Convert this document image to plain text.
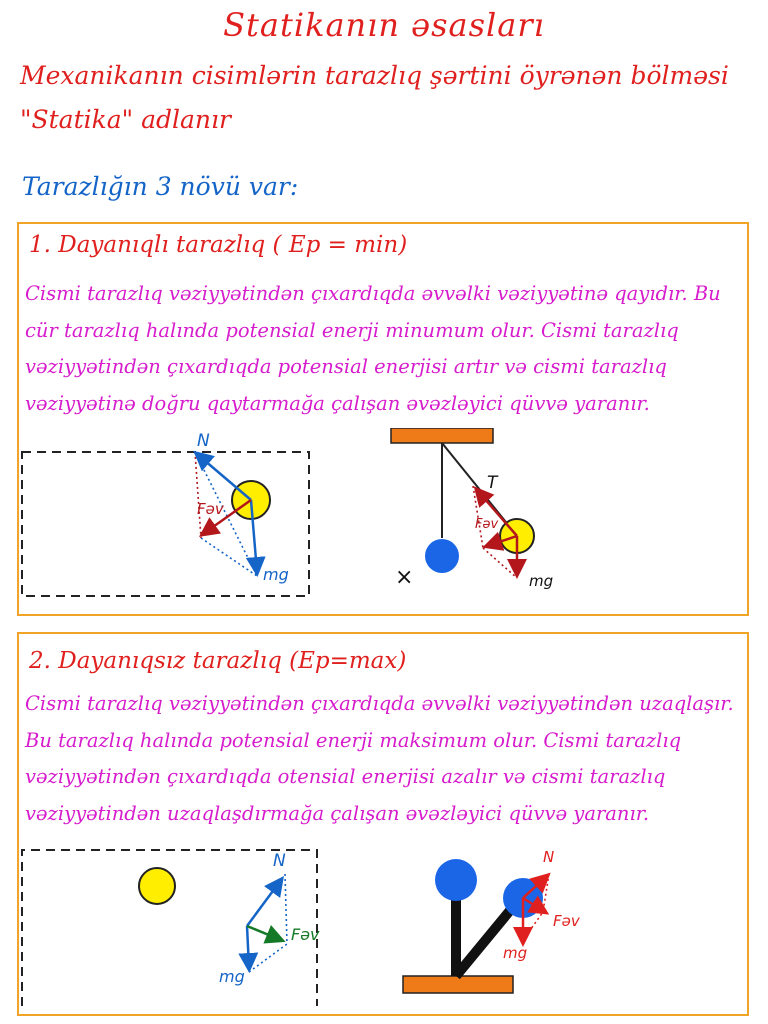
Statikanın əsasları
Mexanikanın cisimlərin tarazlıq şərtini öyrənən bölməsi "Statika" adlanır
Tarazlığın 3 növü var:
1. Dayanıqlı tarazlıq ( Ep = min)
Cismi tarazlıq vəziyyətindən çıxardıqda əvvəlki vəziyyətinə qayıdır. Bu cür tarazlıq halında potensial enerji minumum olur. Cismi tarazlıq vəziyyətindən çıxardıqda potensial enerjisi artır və cismi tarazlıq vəziyyətinə doğru qaytarmağa çalışan əvəzləyici qüvvə yaranır.
N
Fəv
mg
T
Fəv
mg
×
2. Dayanıqsız tarazlıq (Ep=max)
Cismi tarazlıq vəziyyətindən çıxardıqda əvvəlki vəziyyətindən uzaqlaşır. Bu tarazlıq halında potensial enerji maksimum olur. Cismi tarazlıq vəziyyətindən çıxardıqda otensial enerjisi azalır və cismi tarazlıq vəziyyətindən uzaqlaşdırmağa çalışan əvəzləyici qüvvə yaranır.
N
Fəv
mg
N
Fəv
mg
